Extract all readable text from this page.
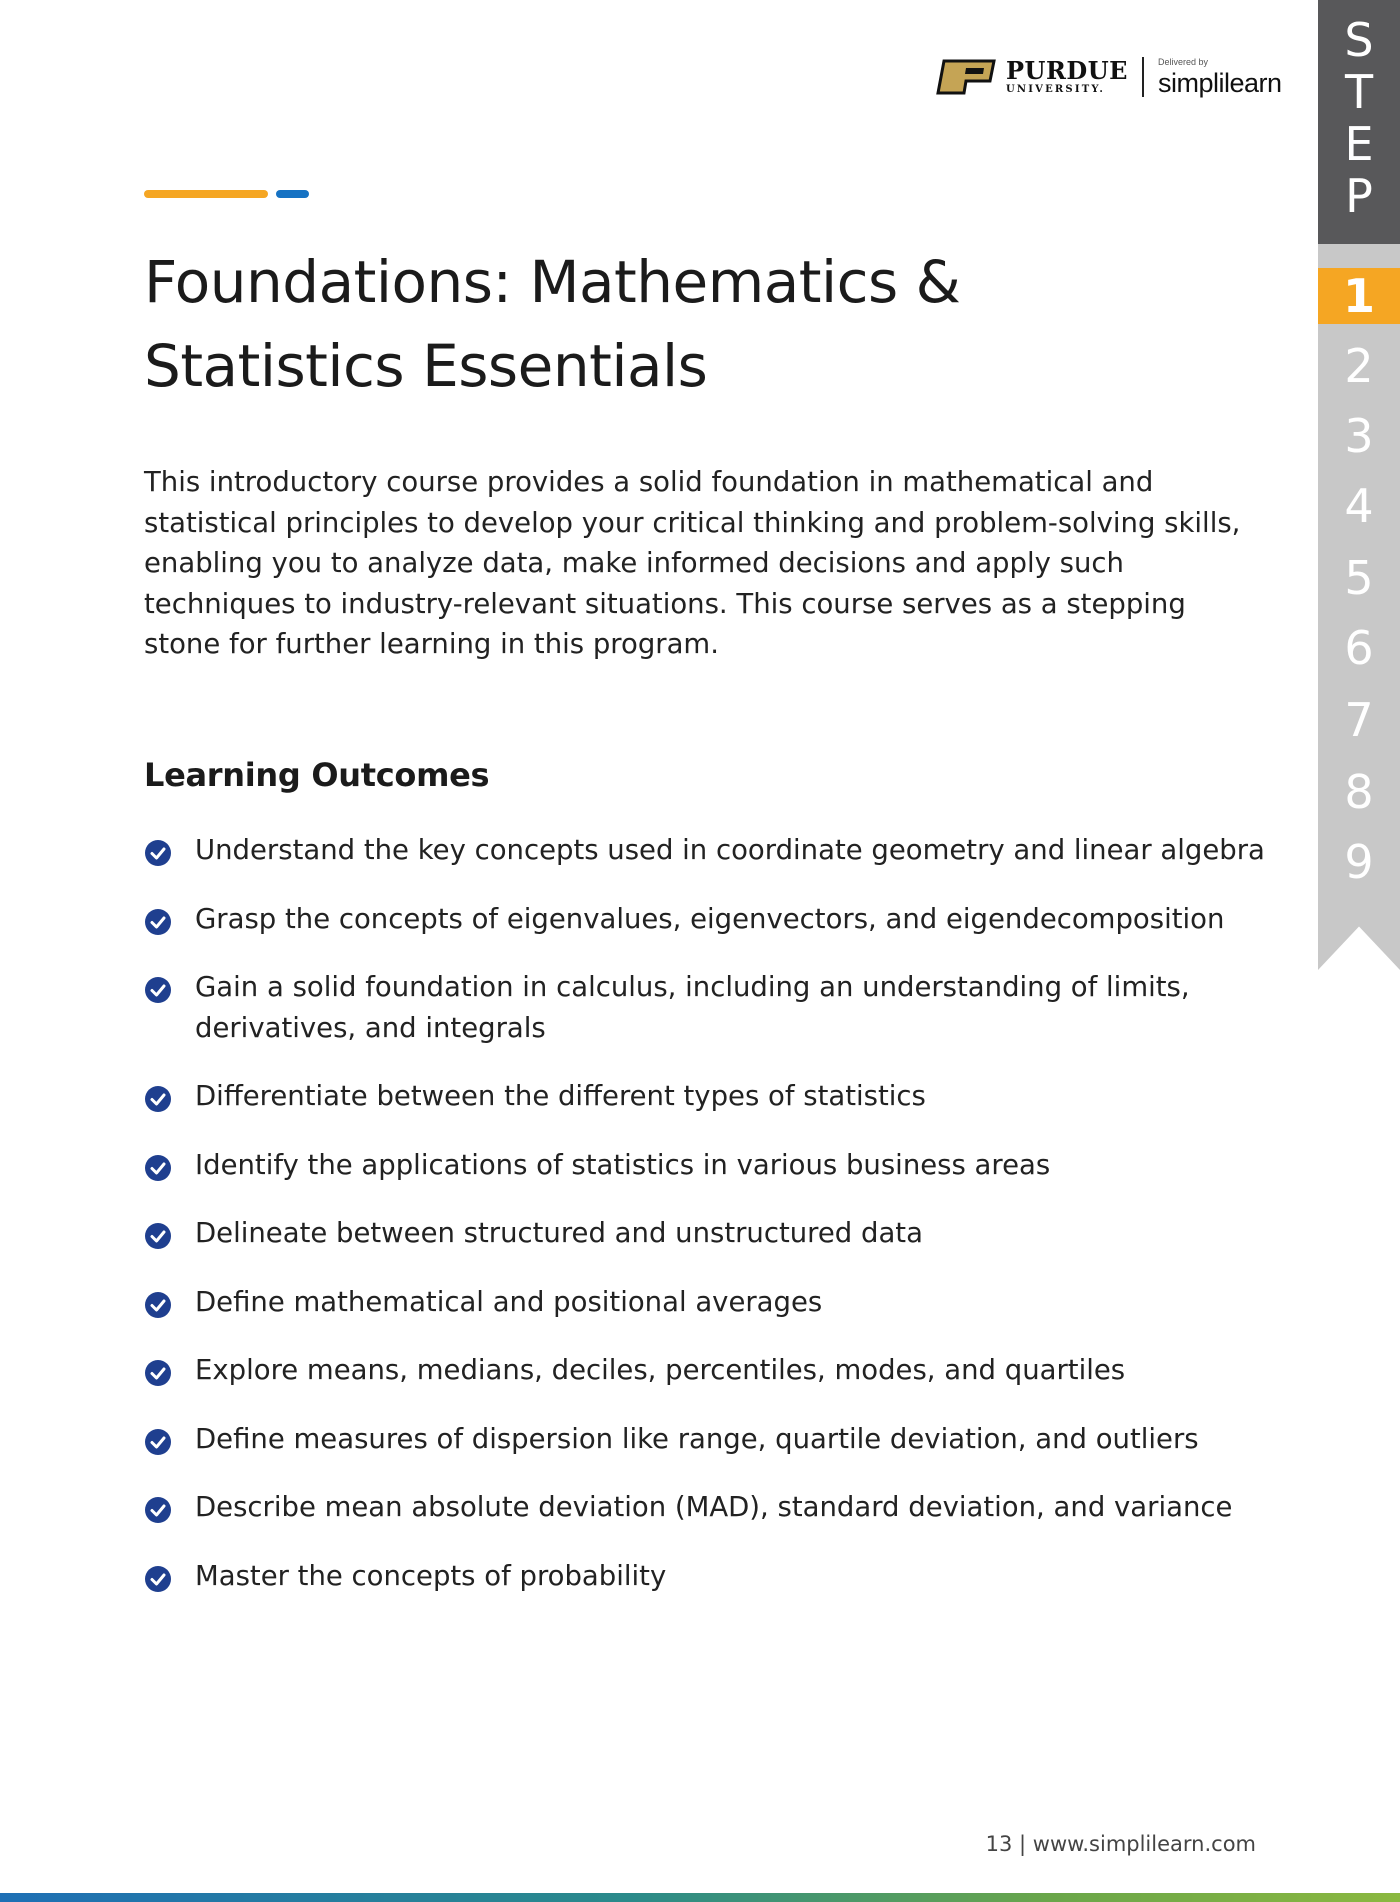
PURDUE
UNIVERSITY.
Delivered by
simplilearn
Foundations: Mathematics & Statistics Essentials

This introductory course provides a solid foundation in mathematical and statistical principles to develop your critical thinking and problem-solving skills, enabling you to analyze data, make informed decisions and apply such techniques to industry-relevant situations. This course serves as a stepping stone for further learning in this program.

Learning Outcomes
Understand the key concepts used in coordinate geometry and linear algebra
Grasp the concepts of eigenvalues, eigenvectors, and eigendecomposition
Gain a solid foundation in calculus, including an understanding of limits, derivatives, and integrals
Differentiate between the different types of statistics
Identify the applications of statistics in various business areas
Delineate between structured and unstructured data
Define mathematical and positional averages
Explore means, medians, deciles, percentiles, modes, and quartiles
Define measures of dispersion like range, quartile deviation, and outliers
Describe mean absolute deviation (MAD), standard deviation, and variance
Master the concepts of probability
S
T
E
P
1
2
3
4
5
6
7
8
9
13 | www.simplilearn.com
